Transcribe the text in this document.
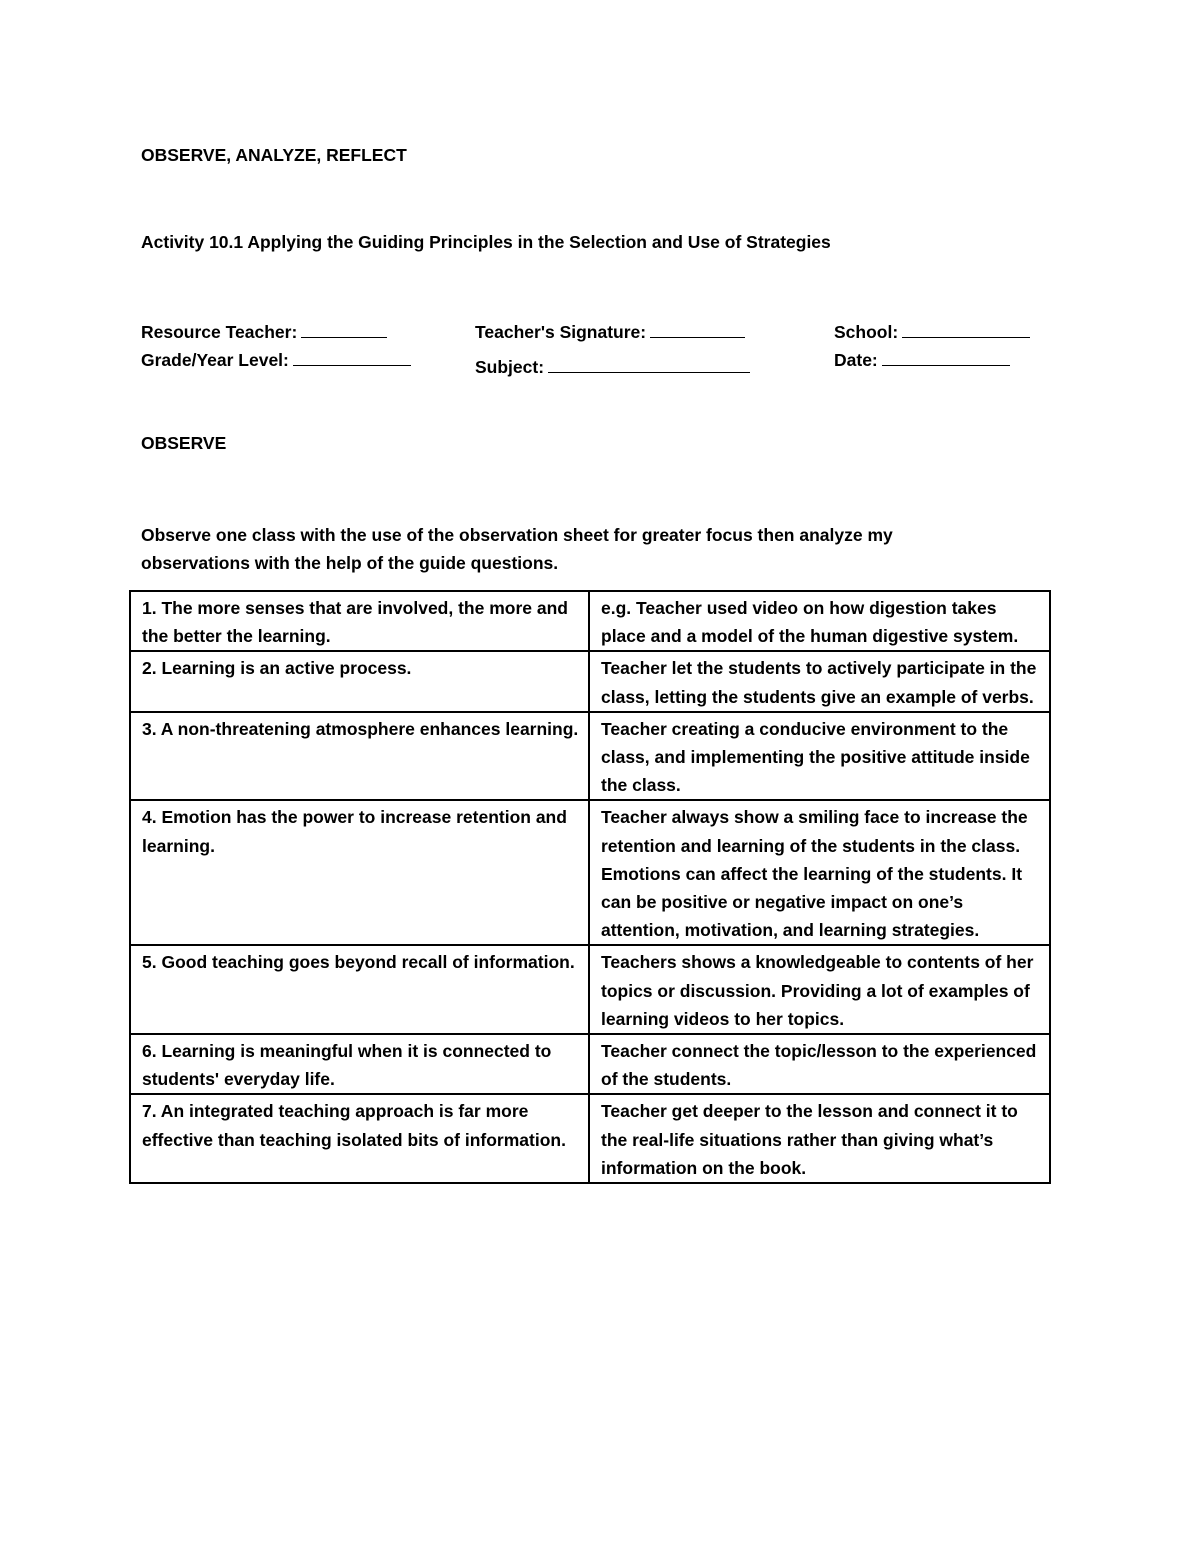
OBSERVE, ANALYZE, REFLECT
Activity 10.1 Applying the Guiding Principles in the Selection and Use of Strategies
Resource Teacher:	Teacher's Signature:	School:
Grade/Year Level:	Subject:	Date:
OBSERVE
Observe one class with the use of the observation sheet for greater focus then analyze my observations with the help of the guide questions.
1. The more senses that are involved, the more and the better the learning.	e.g. Teacher used video on how digestion takes place and a model of the human digestive system.
2. Learning is an active process.	Teacher let the students to actively participate in the class, letting the students give an example of verbs.
3. A non-threatening atmosphere enhances learning.	Teacher creating a conducive environment to the class, and implementing the positive attitude inside the class.
4. Emotion has the power to increase retention and learning.	Teacher always show a smiling face to increase the retention and learning of the students in the class. Emotions can affect the learning of the students. It can be positive or negative impact on one’s attention, motivation, and learning strategies.
5. Good teaching goes beyond recall of information.	Teachers shows a knowledgeable to contents of her topics or discussion. Providing a lot of examples of learning videos to her topics.
6. Learning is meaningful when it is connected to students' everyday life.	Teacher connect the topic/lesson to the experienced of the students.
7. An integrated teaching approach is far more effective than teaching isolated bits of information.	Teacher get deeper to the lesson and connect it to the real-life situations rather than giving what’s information on the book.
